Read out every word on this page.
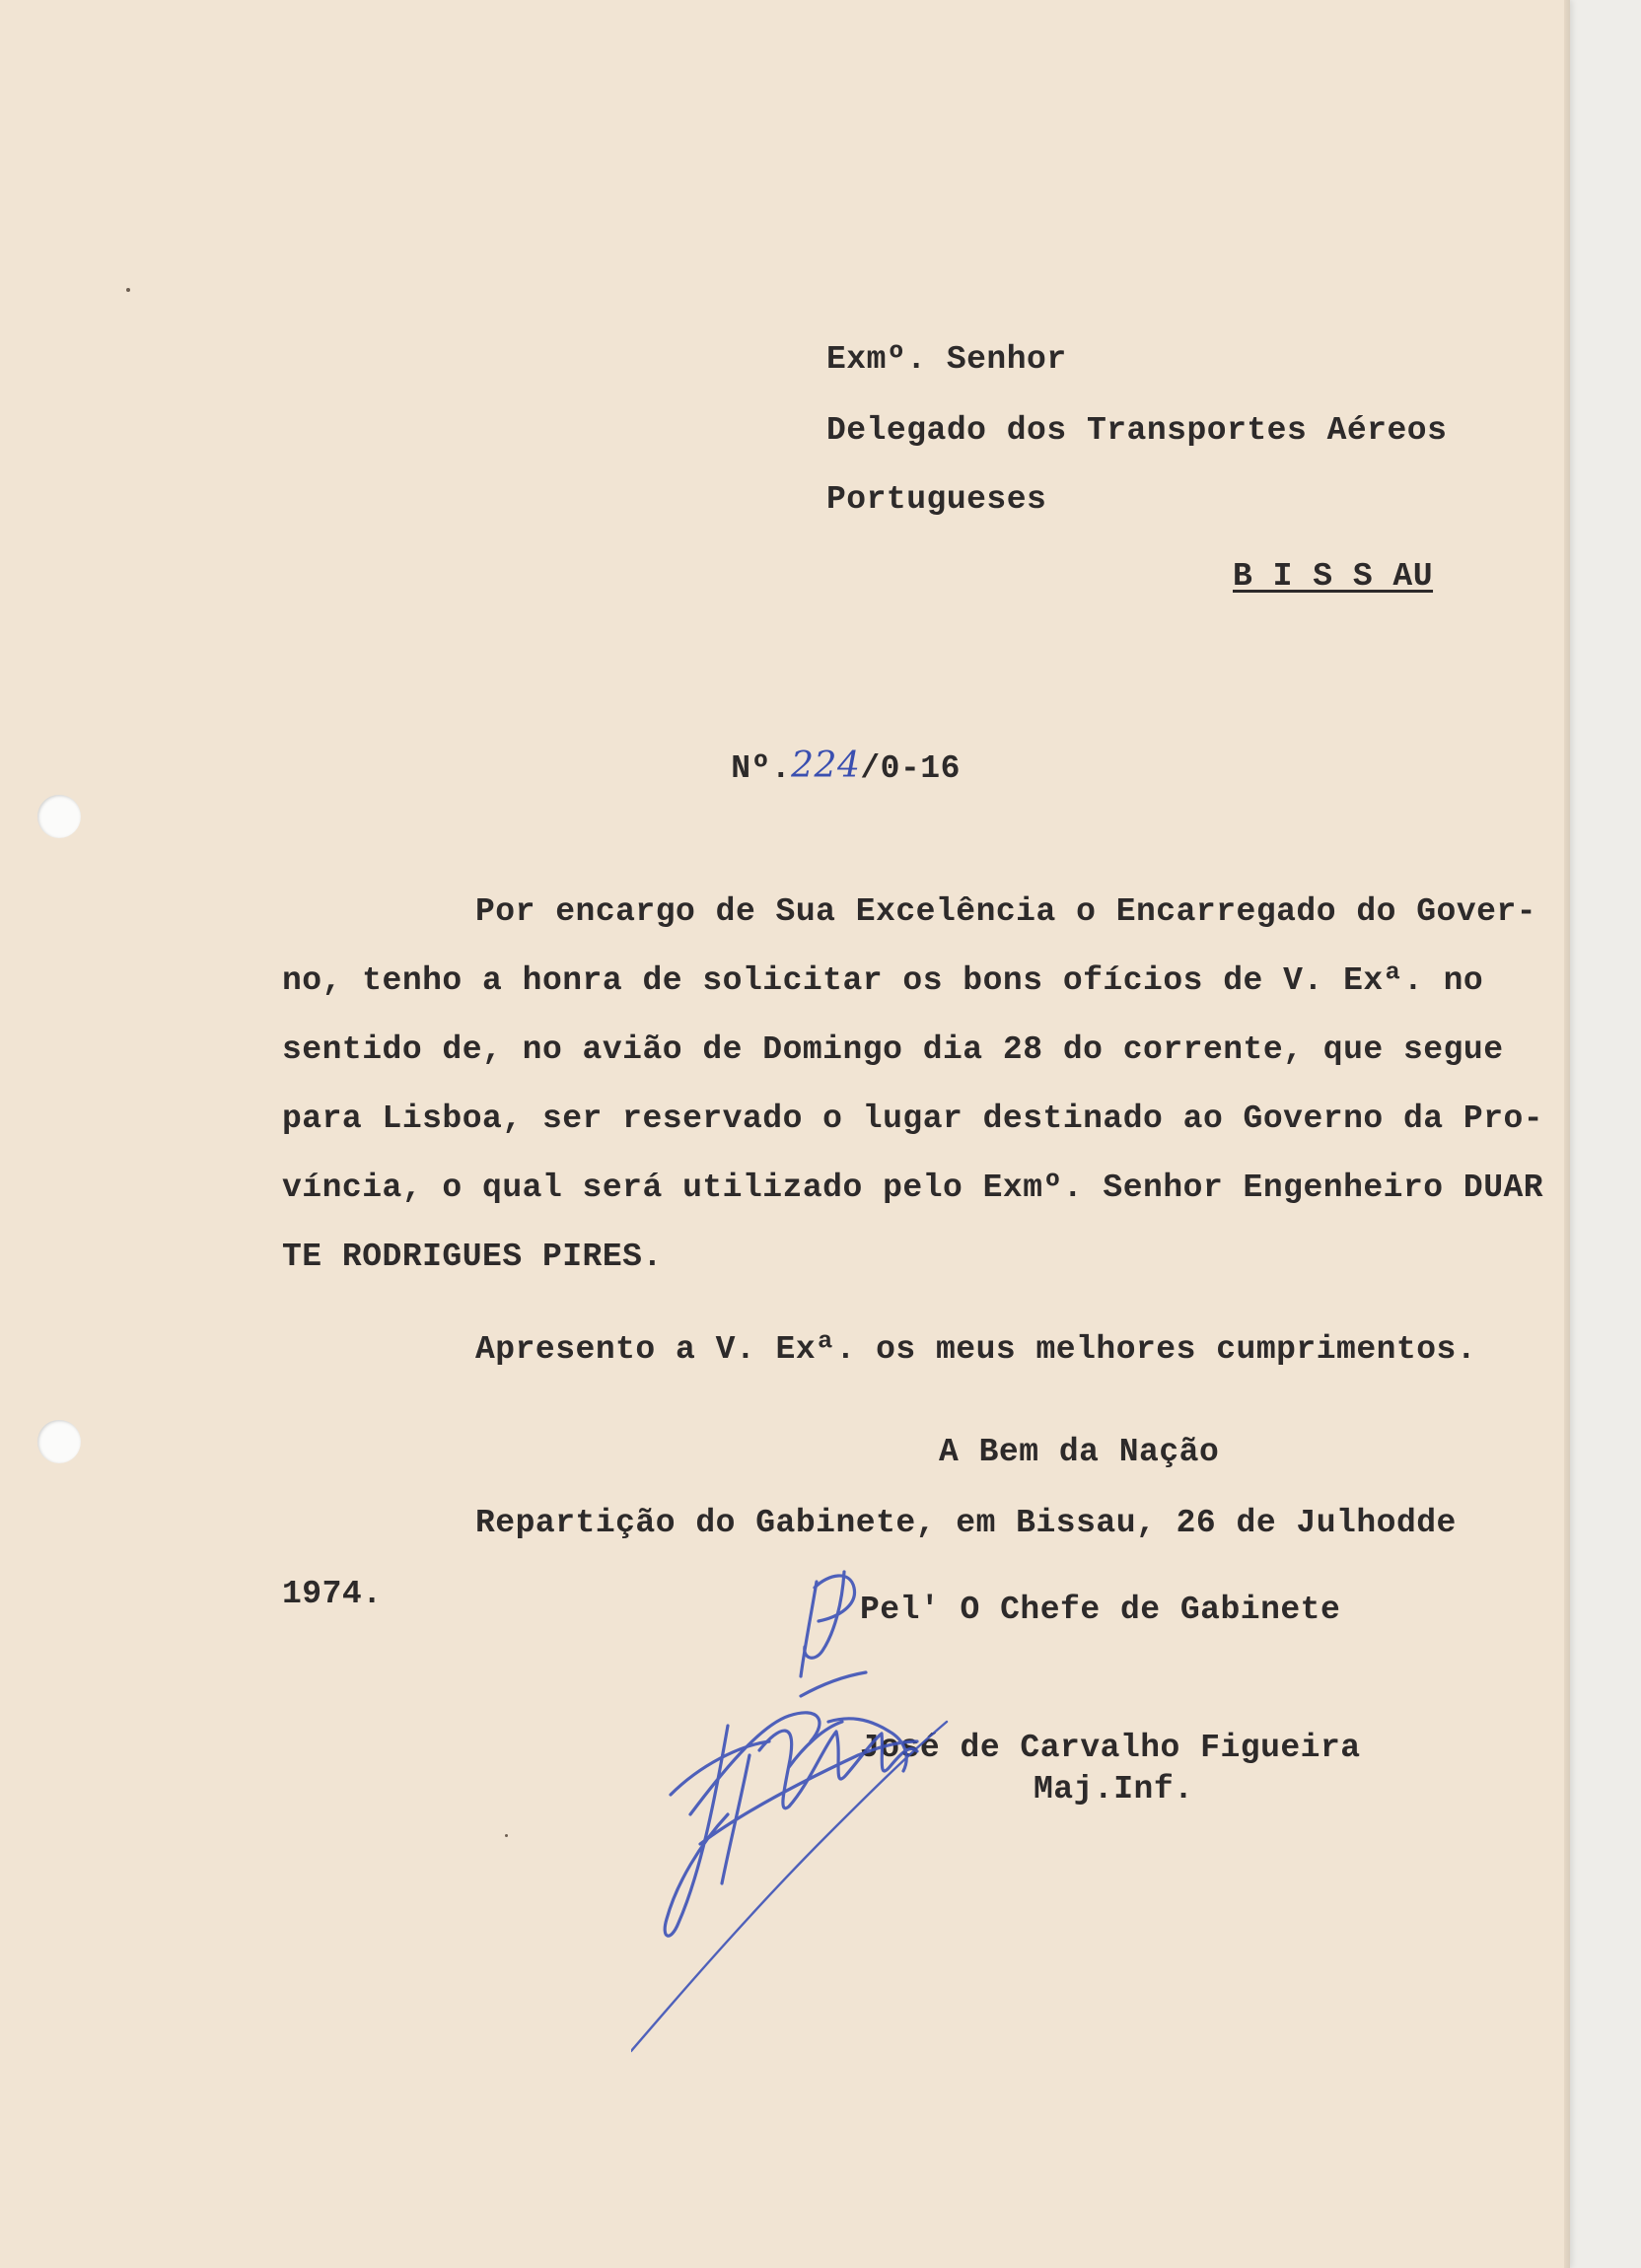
Exmº. Senhor
Delegado dos Transportes Aéreos
Portugueses
B I S S AU

Nº.224/0-16

Por encargo de Sua Excelência o Encarregado do Gover-
no, tenho a honra de solicitar os bons ofícios de V. Exª. no
sentido de, no avião de Domingo dia 28 do corrente, que segue
para Lisboa, ser reservado o lugar destinado ao Governo da Pro-
víncia, o qual será utilizado pelo Exmº. Senhor Engenheiro DUAR
TE RODRIGUES PIRES.
Apresento a V. Exª. os meus melhores cumprimentos.
A Bem da Nação
Repartição do Gabinete, em Bissau, 26 de Julhodde
1974.	Pel' O Chefe de Gabinete
José de Carvalho Figueira
Maj.Inf.
